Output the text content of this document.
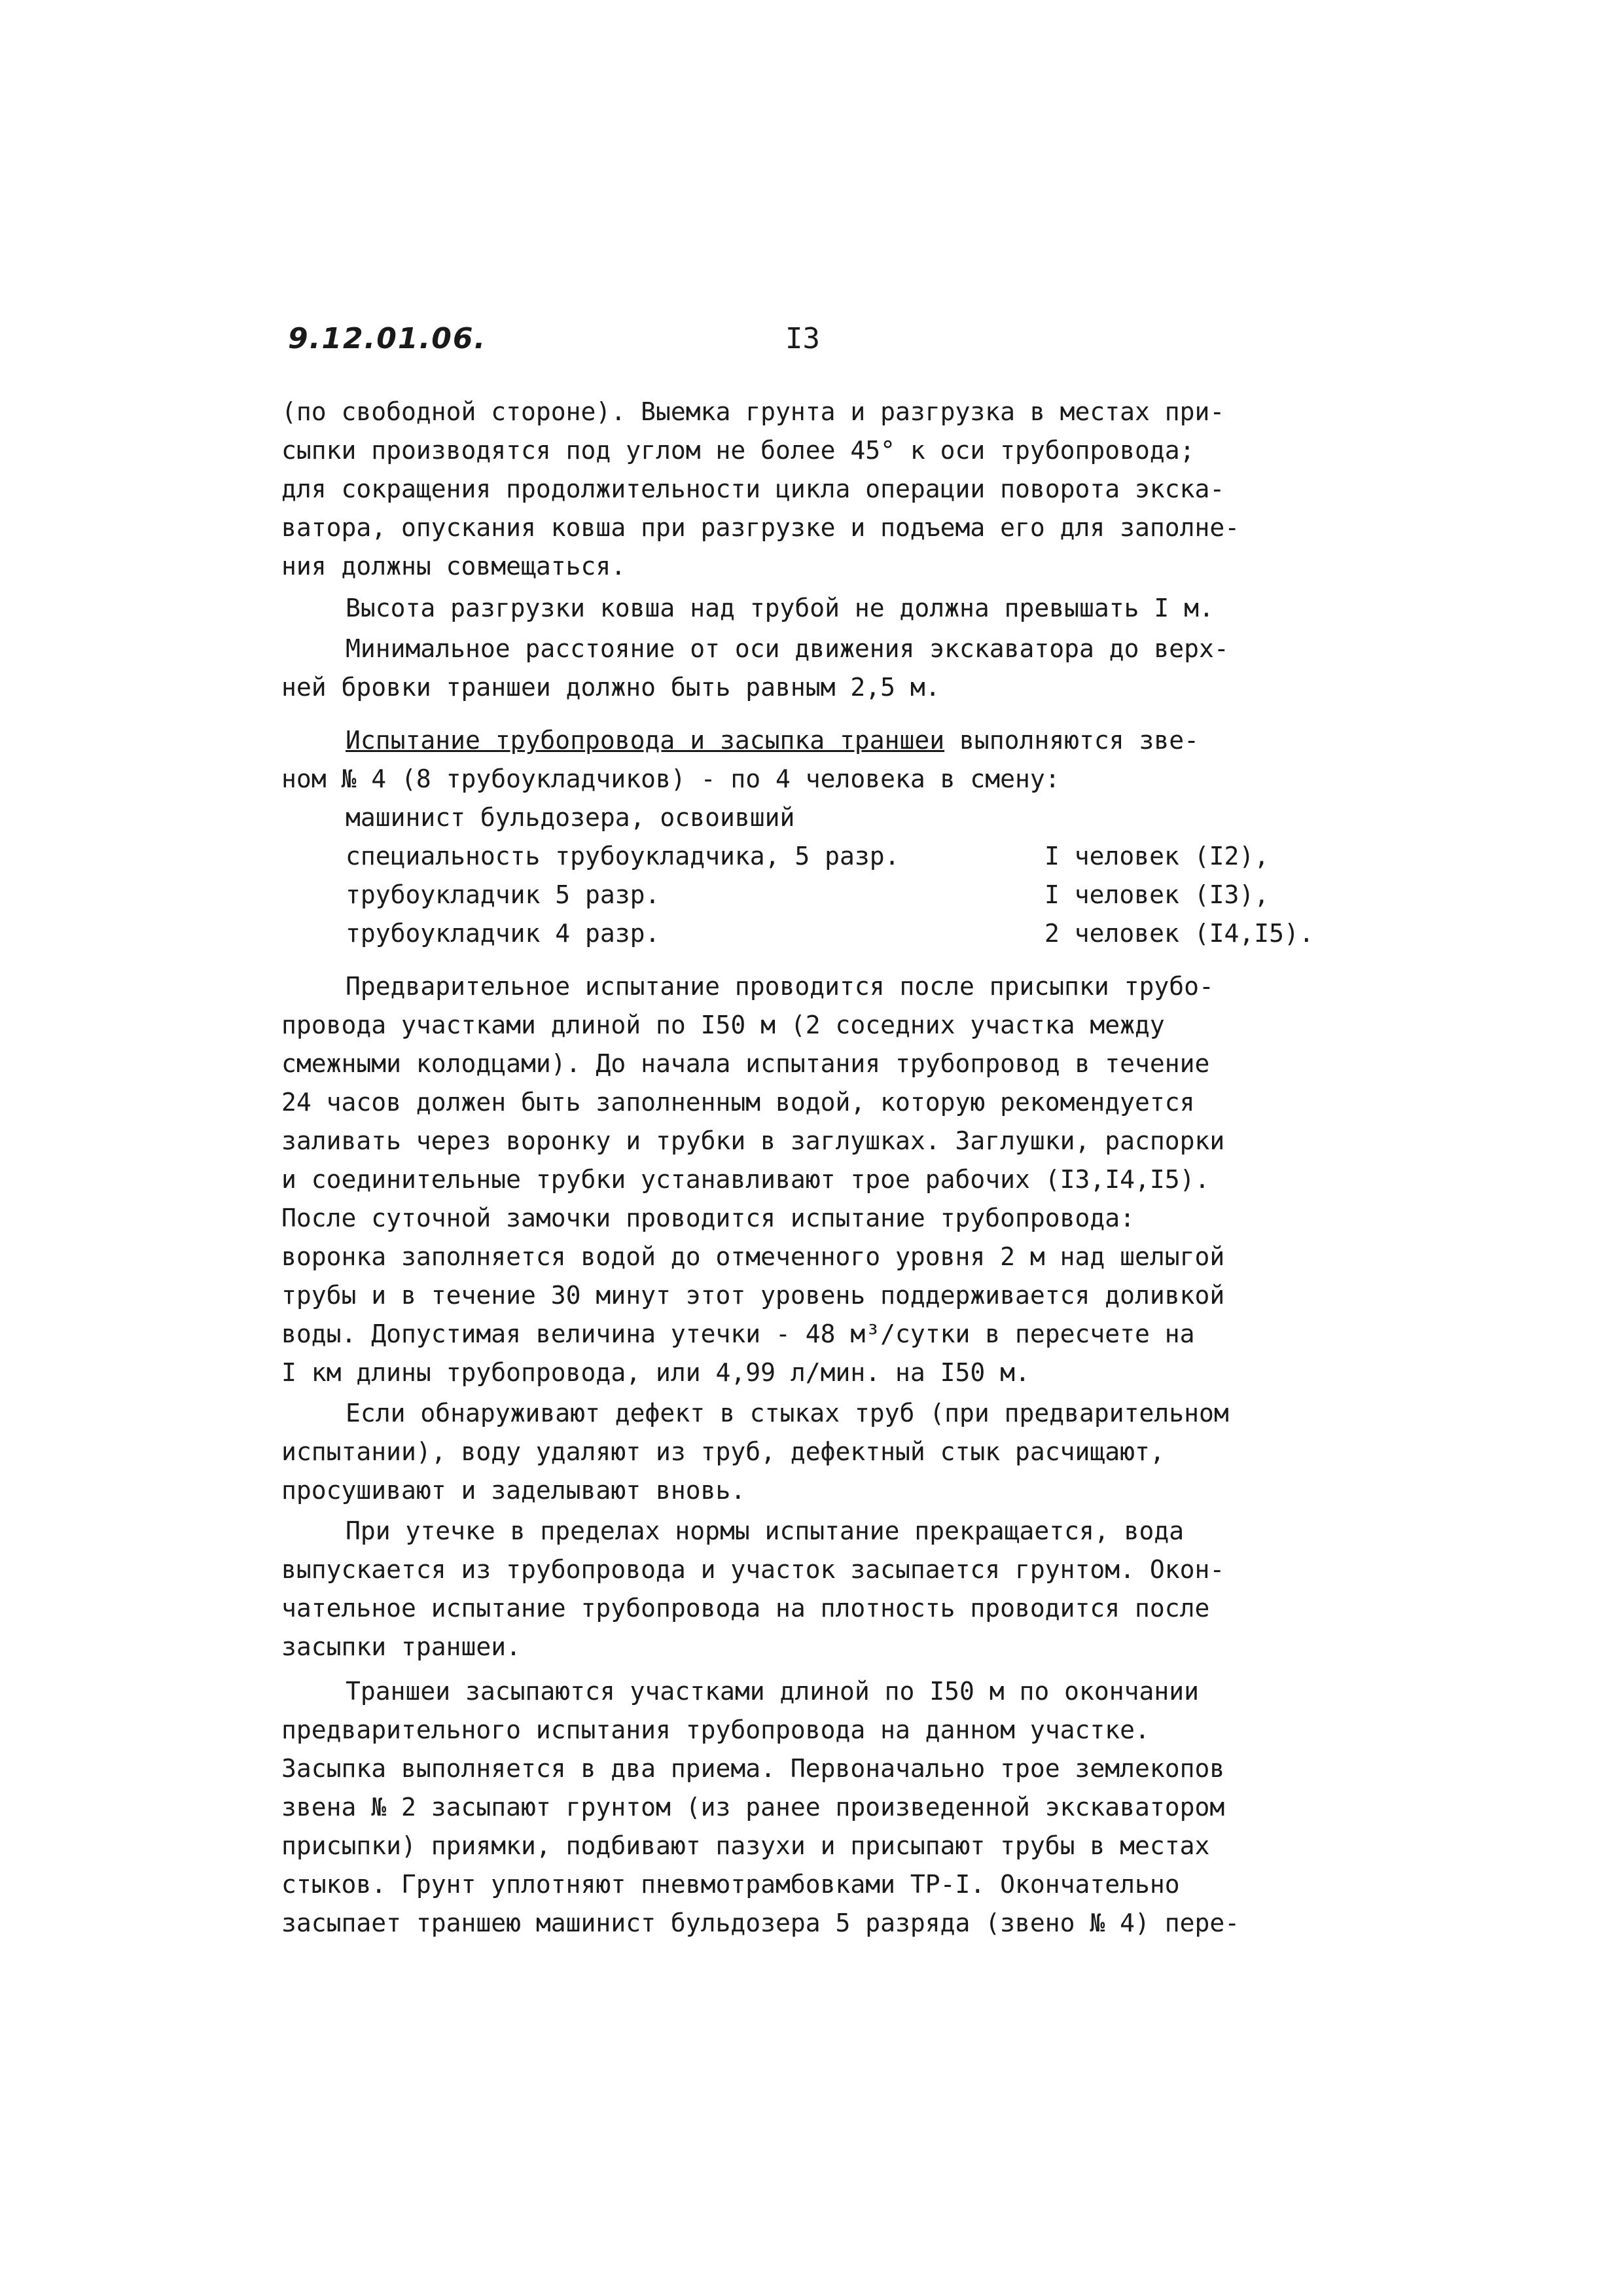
9.12.01.06.	I3
(по свободной стороне). Выемка грунта и разгрузка в местах при-
сыпки производятся под углом не более 45° к оси трубопровода;
для сокращения продолжительности цикла операции поворота экска-
ватора, опускания ковша при разгрузке и подъема его для заполне-
ния должны совмещаться.
Высота разгрузки ковша над трубой не должна превышать I м.
Минимальное расстояние от оси движения экскаватора до верх-
ней бровки траншеи должно быть равным 2,5 м.
Испытание трубопровода и засыпка траншеи выполняются зве-
ном № 4 (8 трубоукладчиков) - по 4 человека в смену:
машинист бульдозера, освоивший
специальность трубоукладчика, 5 разр.	I человек (I2),
трубоукладчик 5 разр.	I человек (I3),
трубоукладчик 4 разр.	2 человек (I4,I5).
Предварительное испытание проводится после присыпки трубо-
провода участками длиной по I50 м (2 соседних участка между
смежными колодцами). До начала испытания трубопровод в течение
24 часов должен быть заполненным водой, которую рекомендуется
заливать через воронку и трубки в заглушках. Заглушки, распорки
и соединительные трубки устанавливают трое рабочих (I3,I4,I5).
После суточной замочки проводится испытание трубопровода:
воронка заполняется водой до отмеченного уровня 2 м над шелыгой
трубы и в течение 30 минут этот уровень поддерживается доливкой
воды. Допустимая величина утечки - 48 м³/сутки в пересчете на
I км длины трубопровода, или 4,99 л/мин. на I50 м.
Если обнаруживают дефект в стыках труб (при предварительном
испытании), воду удаляют из труб, дефектный стык расчищают,
просушивают и заделывают вновь.
При утечке в пределах нормы испытание прекращается, вода
выпускается из трубопровода и участок засыпается грунтом. Окон-
чательное испытание трубопровода на плотность проводится после
засыпки траншеи.
Траншеи засыпаются участками длиной по I50 м по окончании
предварительного испытания трубопровода на данном участке.
Засыпка выполняется в два приема. Первоначально трое землекопов
звена № 2 засыпают грунтом (из ранее произведенной экскаватором
присыпки) приямки, подбивают пазухи и присыпают трубы в местах
стыков. Грунт уплотняют пневмотрамбовками ТР-I. Окончательно
засыпает траншею машинист бульдозера 5 разряда (звено № 4) пере-
